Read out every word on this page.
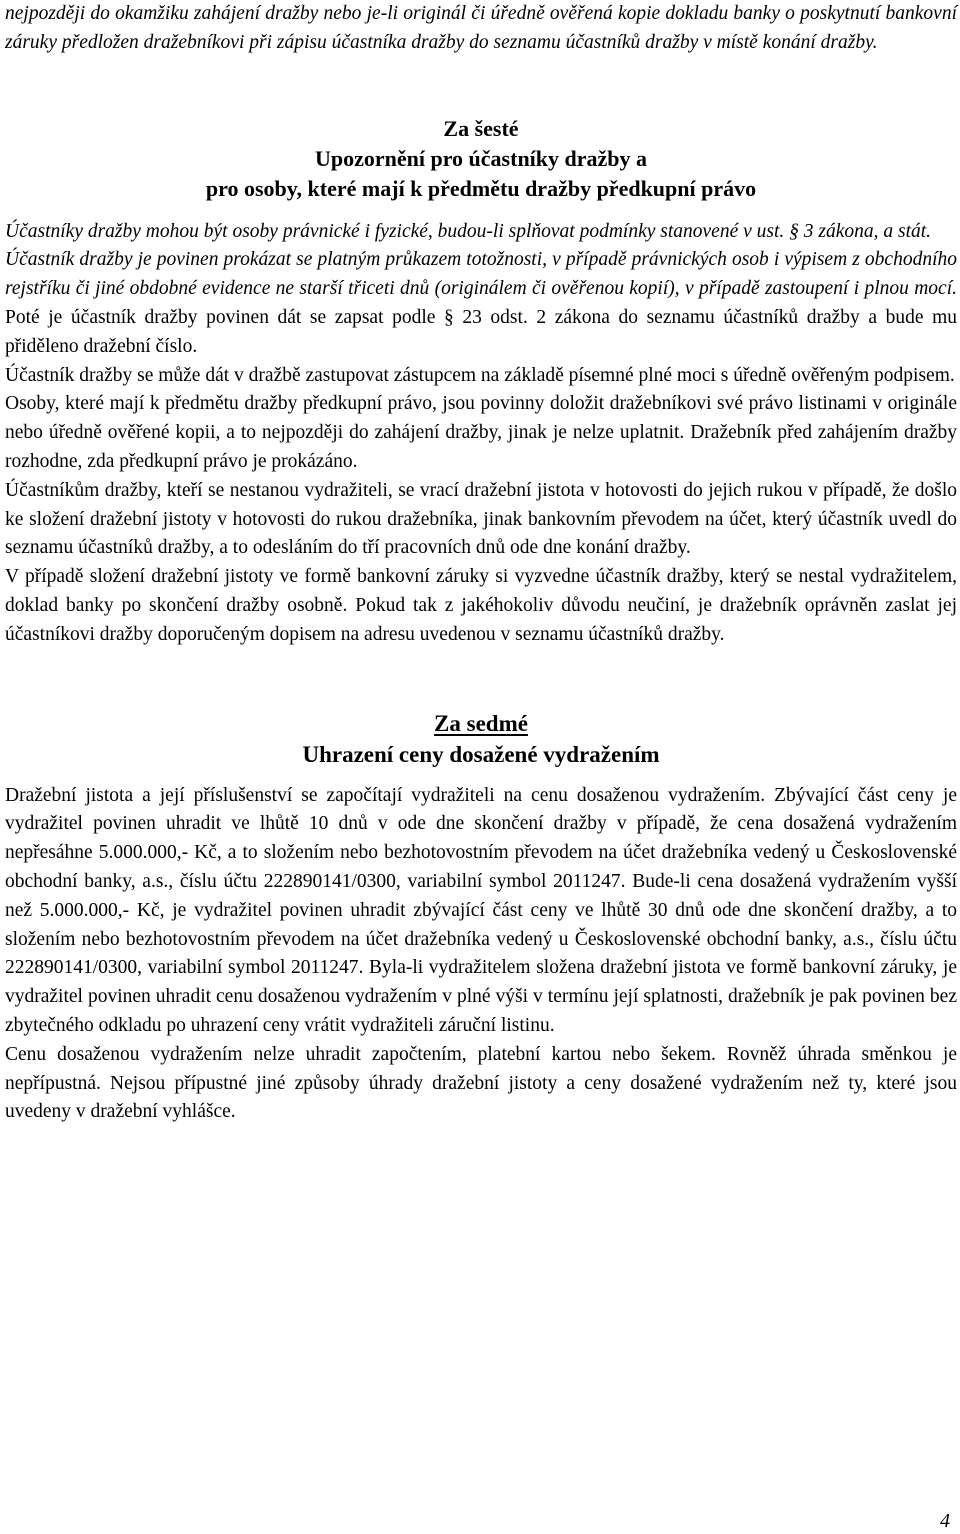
nejpozději do okamžiku zahájení dražby nebo je-li originál či úředně ověřená kopie dokladu banky o poskytnutí bankovní záruky předložen dražebníkovi při zápisu účastníka dražby do seznamu účastníků dražby v místě konání dražby.

Za šesté

Upozornění pro účastníky dražby a

pro osoby, které mají k předmětu dražby předkupní právo

Účastníky dražby mohou být osoby právnické i fyzické, budou-li splňovat podmínky stanovené v ust. § 3 zákona, a stát.

Účastník dražby je povinen prokázat se platným průkazem totožnosti, v případě právnických osob i výpisem z obchodního rejstříku či jiné obdobné evidence ne starší třiceti dnů (originálem či ověřenou kopií), v případě zastoupení i plnou mocí. Poté je účastník dražby povinen dát se zapsat podle § 23 odst. 2 zákona do seznamu účastníků dražby a bude mu přiděleno dražební číslo.

Účastník dražby se může dát v dražbě zastupovat zástupcem na základě písemné plné moci s úředně ověřeným podpisem.

Osoby, které mají k předmětu dražby předkupní právo, jsou povinny doložit dražebníkovi své právo listinami v originále nebo úředně ověřené kopii, a to nejpozději do zahájení dražby, jinak je nelze uplatnit. Dražebník před zahájením dražby rozhodne, zda předkupní právo je prokázáno.

Účastníkům dražby, kteří se nestanou vydražiteli, se vrací dražební jistota v hotovosti do jejich rukou v případě, že došlo ke složení dražební jistoty v hotovosti do rukou dražebníka, jinak bankovním převodem na účet, který účastník uvedl do seznamu účastníků dražby, a to odesláním do tří pracovních dnů ode dne konání dražby.

V případě složení dražební jistoty ve formě bankovní záruky si vyzvedne účastník dražby, který se nestal vydražitelem, doklad banky po skončení dražby osobně. Pokud tak z jakéhokoliv důvodu neučiní, je dražebník oprávněn zaslat jej účastníkovi dražby doporučeným dopisem na adresu uvedenou v seznamu účastníků dražby.

Za sedmé

Uhrazení ceny dosažené vydražením

Dražební jistota a její příslušenství se započítají vydražiteli na cenu dosaženou vydražením. Zbývající část ceny je vydražitel povinen uhradit ve lhůtě 10 dnů v ode dne skončení dražby v případě, že cena dosažená vydražením nepřesáhne 5.000.000,- Kč, a to složením nebo bezhotovostním převodem na účet dražebníka vedený u Československé obchodní banky, a.s., číslu účtu 222890141/0300, variabilní symbol 2011247. Bude-li cena dosažená vydražením vyšší než 5.000.000,- Kč, je vydražitel povinen uhradit zbývající část ceny ve lhůtě 30 dnů ode dne skončení dražby, a to složením nebo bezhotovostním převodem na účet dražebníka vedený u Československé obchodní banky, a.s., číslu účtu 222890141/0300, variabilní symbol 2011247. Byla-li vydražitelem složena dražební jistota ve formě bankovní záruky, je vydražitel povinen uhradit cenu dosaženou vydražením v plné výši v termínu její splatnosti, dražebník je pak povinen bez zbytečného odkladu po uhrazení ceny vrátit vydražiteli záruční listinu.

Cenu dosaženou vydražením nelze uhradit započtením, platební kartou nebo šekem. Rovněž úhrada směnkou je nepřípustná. Nejsou přípustné jiné způsoby úhrady dražební jistoty a ceny dosažené vydražením než ty, které jsou uvedeny v dražební vyhlášce.

4
